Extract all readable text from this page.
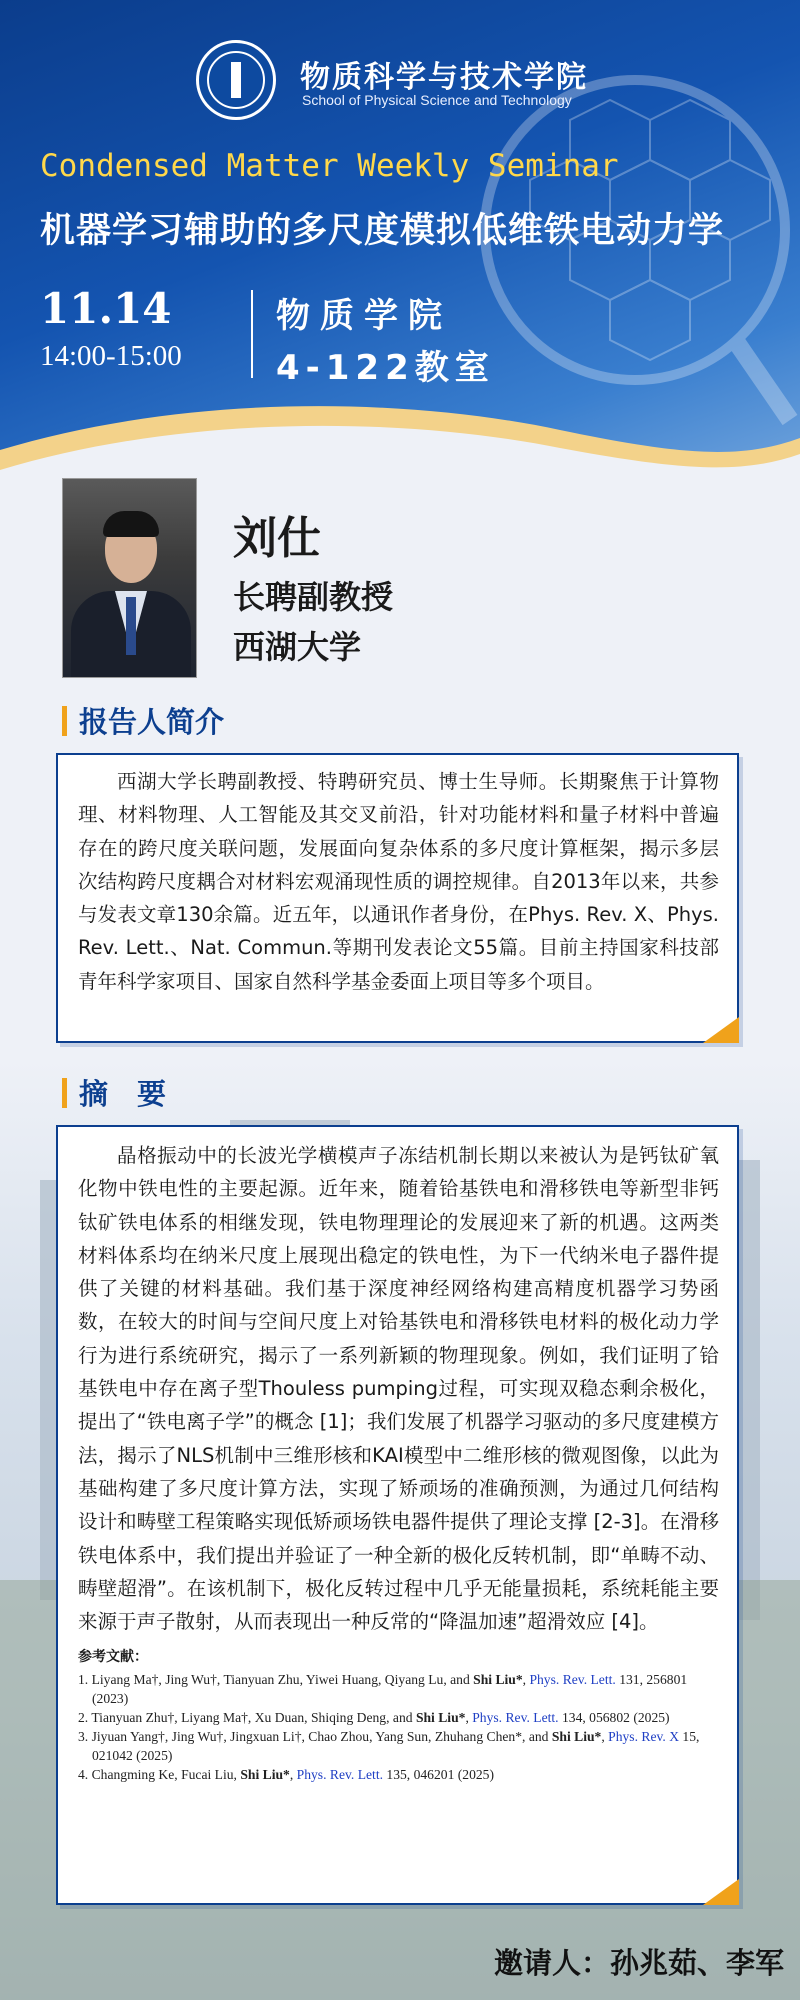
物质科学与技术学院
School of Physical Science and Technology
Condensed Matter Weekly Seminar
机器学习辅助的多尺度模拟低维铁电动力学
11.14
14:00-15:00
物质学院
4-122教室
刘仕
长聘副教授
西湖大学
报告人简介

西湖大学长聘副教授、特聘研究员、博士生导师。长期聚焦于计算物理、材料物理、人工智能及其交叉前沿，针对功能材料和量子材料中普遍存在的跨尺度关联问题，发展面向复杂体系的多尺度计算框架，揭示多层次结构跨尺度耦合对材料宏观涌现性质的调控规律。自2013年以来，共参与发表文章130余篇。近五年，以通讯作者身份，在Phys. Rev. X、Phys. Rev. Lett.、Nat. Commun.等期刊发表论文55篇。目前主持国家科技部青年科学家项目、国家自然科学基金委面上项目等多个项目。

摘　要

晶格振动中的长波光学横模声子冻结机制长期以来被认为是钙钛矿氧化物中铁电性的主要起源。近年来，随着铪基铁电和滑移铁电等新型非钙钛矿铁电体系的相继发现，铁电物理理论的发展迎来了新的机遇。这两类材料体系均在纳米尺度上展现出稳定的铁电性，为下一代纳米电子器件提供了关键的材料基础。我们基于深度神经网络构建高精度机器学习势函数，在较大的时间与空间尺度上对铪基铁电和滑移铁电材料的极化动力学行为进行系统研究，揭示了一系列新颖的物理现象。例如，我们证明了铪基铁电中存在离子型Thouless pumping过程，可实现双稳态剩余极化，提出了“铁电离子学”的概念 [1]；我们发展了机器学习驱动的多尺度建模方法，揭示了NLS机制中三维形核和KAI模型中二维形核的微观图像，以此为基础构建了多尺度计算方法，实现了矫顽场的准确预测，为通过几何结构设计和畴壁工程策略实现低矫顽场铁电器件提供了理论支撑 [2-3]。在滑移铁电体系中，我们提出并验证了一种全新的极化反转机制，即“单畴不动、畴壁超滑”。在该机制下，极化反转过程中几乎无能量损耗，系统耗能主要来源于声子散射，从而表现出一种反常的“降温加速”超滑效应 [4]。

参考文献：
1. Liyang Ma†, Jing Wu†, Tianyuan Zhu, Yiwei Huang, Qiyang Lu, and Shi Liu*, Phys. Rev. Lett. 131, 256801 (2023)
2. Tianyuan Zhu†, Liyang Ma†, Xu Duan, Shiqing Deng, and Shi Liu*, Phys. Rev. Lett. 134, 056802 (2025)
3. Jiyuan Yang†, Jing Wu†, Jingxuan Li†, Chao Zhou, Yang Sun, Zhuhang Chen*, and Shi Liu*, Phys. Rev. X 15, 021042 (2025)
4. Changming Ke, Fucai Liu, Shi Liu*, Phys. Rev. Lett. 135, 046201 (2025)
邀请人：孙兆茹、李军
